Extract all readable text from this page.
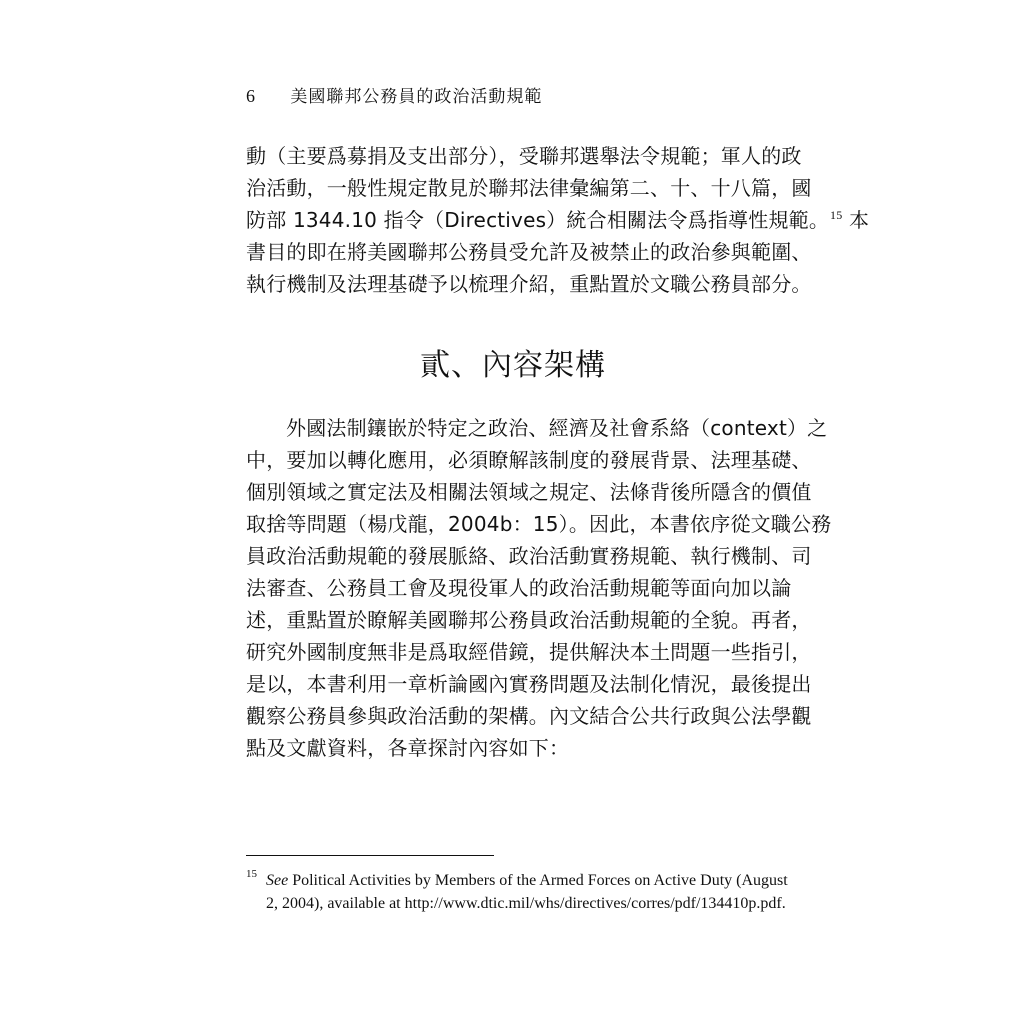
6 美國聯邦公務員的政治活動規範
動（主要爲募捐及支出部分），受聯邦選舉法令規範；軍人的政
治活動，一般性規定散見於聯邦法律彙編第二、十、十八篇，國
防部 1344.10 指令（Directives）統合相關法令爲指導性規範。$^{15}$ 本
書目的即在將美國聯邦公務員受允許及被禁止的政治參與範圍、
執行機制及法理基礎予以梳理介紹，重點置於文職公務員部分。
貳、內容架構
外國法制鑲嵌於特定之政治、經濟及社會系絡（context）之
中，要加以轉化應用，必須瞭解該制度的發展背景、法理基礎、
個別領域之實定法及相關法領域之規定、法條背後所隱含的價值
取捨等問題（楊戊龍，2004b：15）。因此，本書依序從文職公務
員政治活動規範的發展脈絡、政治活動實務規範、執行機制、司
法審查、公務員工會及現役軍人的政治活動規範等面向加以論
述，重點置於瞭解美國聯邦公務員政治活動規範的全貌。再者，
研究外國制度無非是爲取經借鏡，提供解決本土問題一些指引，
是以，本書利用一章析論國內實務問題及法制化情況，最後提出
觀察公務員參與政治活動的架構。內文結合公共行政與公法學觀
點及文獻資料，各章探討內容如下：
15 See Political Activities by Members of the Armed Forces on Active Duty (August
2, 2004), available at http://www.dtic.mil/whs/directives/corres/pdf/134410p.pdf.
